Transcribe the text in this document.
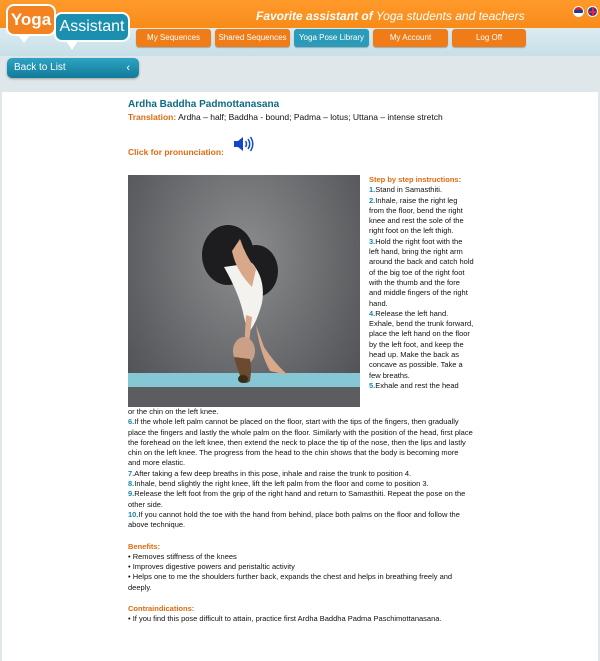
Favorite assistant of Yoga students and teachers
Yoga Assistant
My Sequences	Shared Sequences	Yoga Pose Library	My Account	Log Off
Back to List	‹
Ardha Baddha Padmottanasana
Translation: Ardha – half; Baddha - bound; Padma – lotus; Uttana – intense stretch
Click for pronunciation:
Step by step instructions:
1.Stand in Samasthiti.
2.Inhale, raise the right leg from the floor, bend the right knee and rest the sole of the right foot on the left thigh.
3.Hold the right foot with the left hand, bring the right arm around the back and catch hold of the big toe of the right foot with the thumb and the fore and middle fingers of the right hand.
4.Release the left hand. Exhale, bend the trunk forward, place the left hand on the floor by the left foot, and keep the head up. Make the back as concave as possible. Take a few breaths.
5.Exhale and rest the head

or the chin on the left knee.

6.If the whole left palm cannot be placed on the floor, start with the tips of the fingers, then gradually place the fingers and lastly the whole palm on the floor. Similarly with the position of the head, first place the forehead on the left knee, then extend the neck to place the tip of the nose, then the lips and lastly chin on the left knee. The progress from the head to the chin shows that the body is becoming more and more elastic.

7.After taking a few deep breaths in this pose, inhale and raise the trunk to position 4.

8.Inhale, bend slightly the right knee, lift the left palm from the floor and come to position 3.

9.Release the left foot from the grip of the right hand and return to Samasthiti. Repeat the pose on the other side.

10.If you cannot hold the toe with the hand from behind, place both palms on the floor and follow the above technique.

Benefits:
• Removes stiffness of the knees
• Improves digestive powers and peristaltic activity
• Helps one to me the shoulders further back, expands the chest and helps in breathing freely and deeply.
Contraindications:
• If you find this pose difficult to attain, practice first Ardha Baddha Padma Paschimottanasana.
